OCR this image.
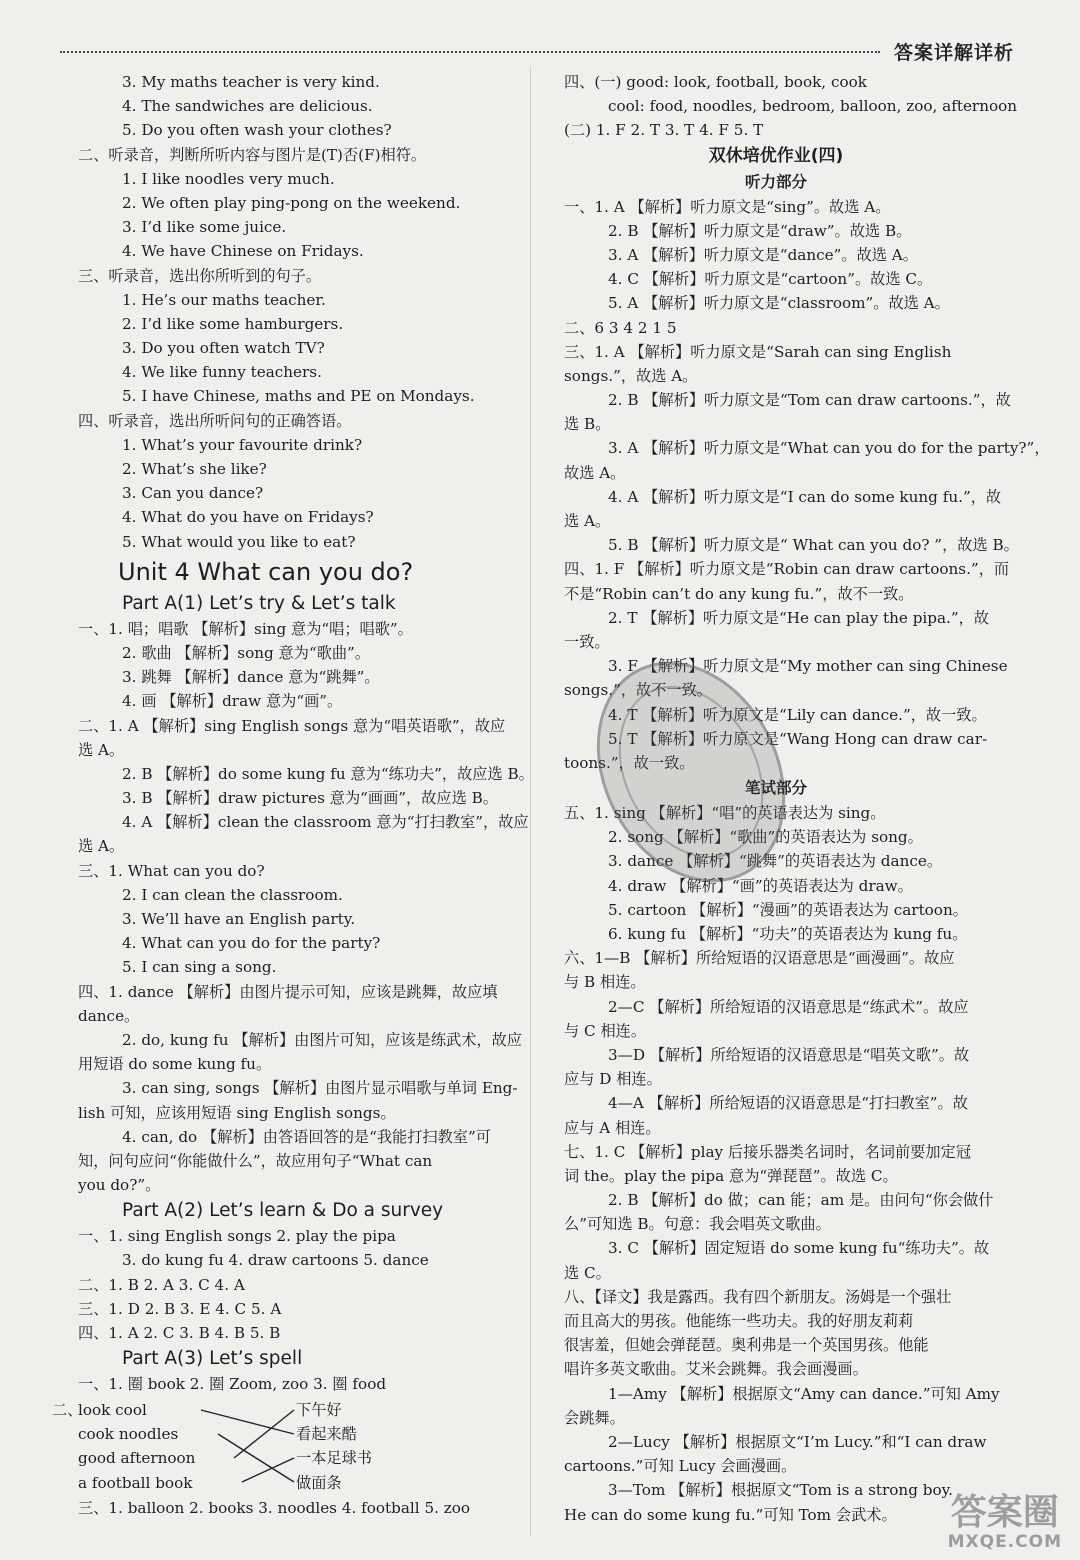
答案详解详析
3. My maths teacher is very kind.
4. The sandwiches are delicious.
5. Do you often wash your clothes?
二、听录音，判断所听内容与图片是(T)否(F)相符。
1. I like noodles very much.
2. We often play ping-pong on the weekend.
3. I’d like some juice.
4. We have Chinese on Fridays.
三、听录音，选出你所听到的句子。
1. He’s our maths teacher.
2. I’d like some hamburgers.
3. Do you often watch TV?
4. We like funny teachers.
5. I have Chinese, maths and PE on Mondays.
四、听录音，选出所听问句的正确答语。
1. What’s your favourite drink?
2. What’s she like?
3. Can you dance?
4. What do you have on Fridays?
5. What would you like to eat?
Unit 4 What can you do?
Part A(1) Let’s try & Let’s talk
一、1. 唱；唱歌 【解析】sing 意为“唱；唱歌”。
2. 歌曲 【解析】song 意为“歌曲”。
3. 跳舞 【解析】dance 意为“跳舞”。
4. 画 【解析】draw 意为“画”。
二、1. A 【解析】sing English songs 意为“唱英语歌”，故应
选 A。
2. B 【解析】do some kung fu 意为“练功夫”，故应选 B。
3. B 【解析】draw pictures 意为“画画”，故应选 B。
4. A 【解析】clean the classroom 意为“打扫教室”，故应
选 A。
三、1. What can you do?
2. I can clean the classroom.
3. We’ll have an English party.
4. What can you do for the party?
5. I can sing a song.
四、1. dance 【解析】由图片提示可知，应该是跳舞，故应填
dance。
2. do, kung fu 【解析】由图片可知，应该是练武术，故应
用短语 do some kung fu。
3. can sing, songs 【解析】由图片显示唱歌与单词 Eng-
lish 可知，应该用短语 sing English songs。
4. can, do 【解析】由答语回答的是“我能打扫教室”可
知，问句应问“你能做什么”，故应用句子“What can
you do?”。
Part A(2) Let’s learn & Do a survey
一、1. sing English songs 2. play the pipa
3. do kung fu 4. draw cartoons 5. dance
二、1. B 2. A 3. C 4. A
三、1. D 2. B 3. E 4. C 5. A
四、1. A 2. C 3. B 4. B 5. B
Part A(3) Let’s spell
一、1. 圈 book 2. 圈 Zoom, zoo 3. 圈 food
二、
look cool
cook noodles
good afternoon
a football book
下午好
看起来酷
一本足球书
做面条
三、1. balloon 2. books 3. noodles 4. football 5. zoo
四、(一) good: look, football, book, cook
cool: food, noodles, bedroom, balloon, zoo, afternoon
(二) 1. F 2. T 3. T 4. F 5. T
双休培优作业(四)
听力部分
一、1. A 【解析】听力原文是“sing”。故选 A。
2. B 【解析】听力原文是“draw”。故选 B。
3. A 【解析】听力原文是“dance”。故选 A。
4. C 【解析】听力原文是“cartoon”。故选 C。
5. A 【解析】听力原文是“classroom”。故选 A。
二、6 3 4 2 1 5
三、1. A 【解析】听力原文是“Sarah can sing English
songs.”，故选 A。
2. B 【解析】听力原文是“Tom can draw cartoons.”，故
选 B。
3. A 【解析】听力原文是“What can you do for the party?”，
故选 A。
4. A 【解析】听力原文是“I can do some kung fu.”，故
选 A。
5. B 【解析】听力原文是“ What can you do? ”，故选 B。
四、1. F 【解析】听力原文是“Robin can draw cartoons.”，而
不是“Robin can’t do any kung fu.”，故不一致。
2. T 【解析】听力原文是“He can play the pipa.”，故
一致。
3. F 【解析】听力原文是“My mother can sing Chinese
songs.”，故不一致。
4. T 【解析】听力原文是“Lily can dance.”，故一致。
5. T 【解析】听力原文是“Wang Hong can draw car-
toons.”，故一致。
笔试部分
五、1. sing 【解析】“唱”的英语表达为 sing。
2. song 【解析】“歌曲”的英语表达为 song。
3. dance 【解析】“跳舞”的英语表达为 dance。
4. draw 【解析】“画”的英语表达为 draw。
5. cartoon 【解析】“漫画”的英语表达为 cartoon。
6. kung fu 【解析】“功夫”的英语表达为 kung fu。
六、1—B 【解析】所给短语的汉语意思是“画漫画”。故应
与 B 相连。
2—C 【解析】所给短语的汉语意思是“练武术”。故应
与 C 相连。
3—D 【解析】所给短语的汉语意思是“唱英文歌”。故
应与 D 相连。
4—A 【解析】所给短语的汉语意思是“打扫教室”。故
应与 A 相连。
七、1. C 【解析】play 后接乐器类名词时，名词前要加定冠
词 the。play the pipa 意为“弹琵琶”。故选 C。
2. B 【解析】do 做；can 能；am 是。由问句“你会做什
么”可知选 B。句意：我会唱英文歌曲。
3. C 【解析】固定短语 do some kung fu“练功夫”。故
选 C。
八、【译文】我是露西。我有四个新朋友。汤姆是一个强壮
而且高大的男孩。他能练一些功夫。我的好朋友莉莉
很害羞，但她会弹琵琶。奥利弗是一个英国男孩。他能
唱许多英文歌曲。艾米会跳舞。我会画漫画。
1—Amy 【解析】根据原文“Amy can dance.”可知 Amy
会跳舞。
2—Lucy 【解析】根据原文“I’m Lucy.”和“I can draw
cartoons.”可知 Lucy 会画漫画。
3—Tom 【解析】根据原文“Tom is a strong boy.
He can do some kung fu.”可知 Tom 会武术。	答案圈
MXQE.COM
